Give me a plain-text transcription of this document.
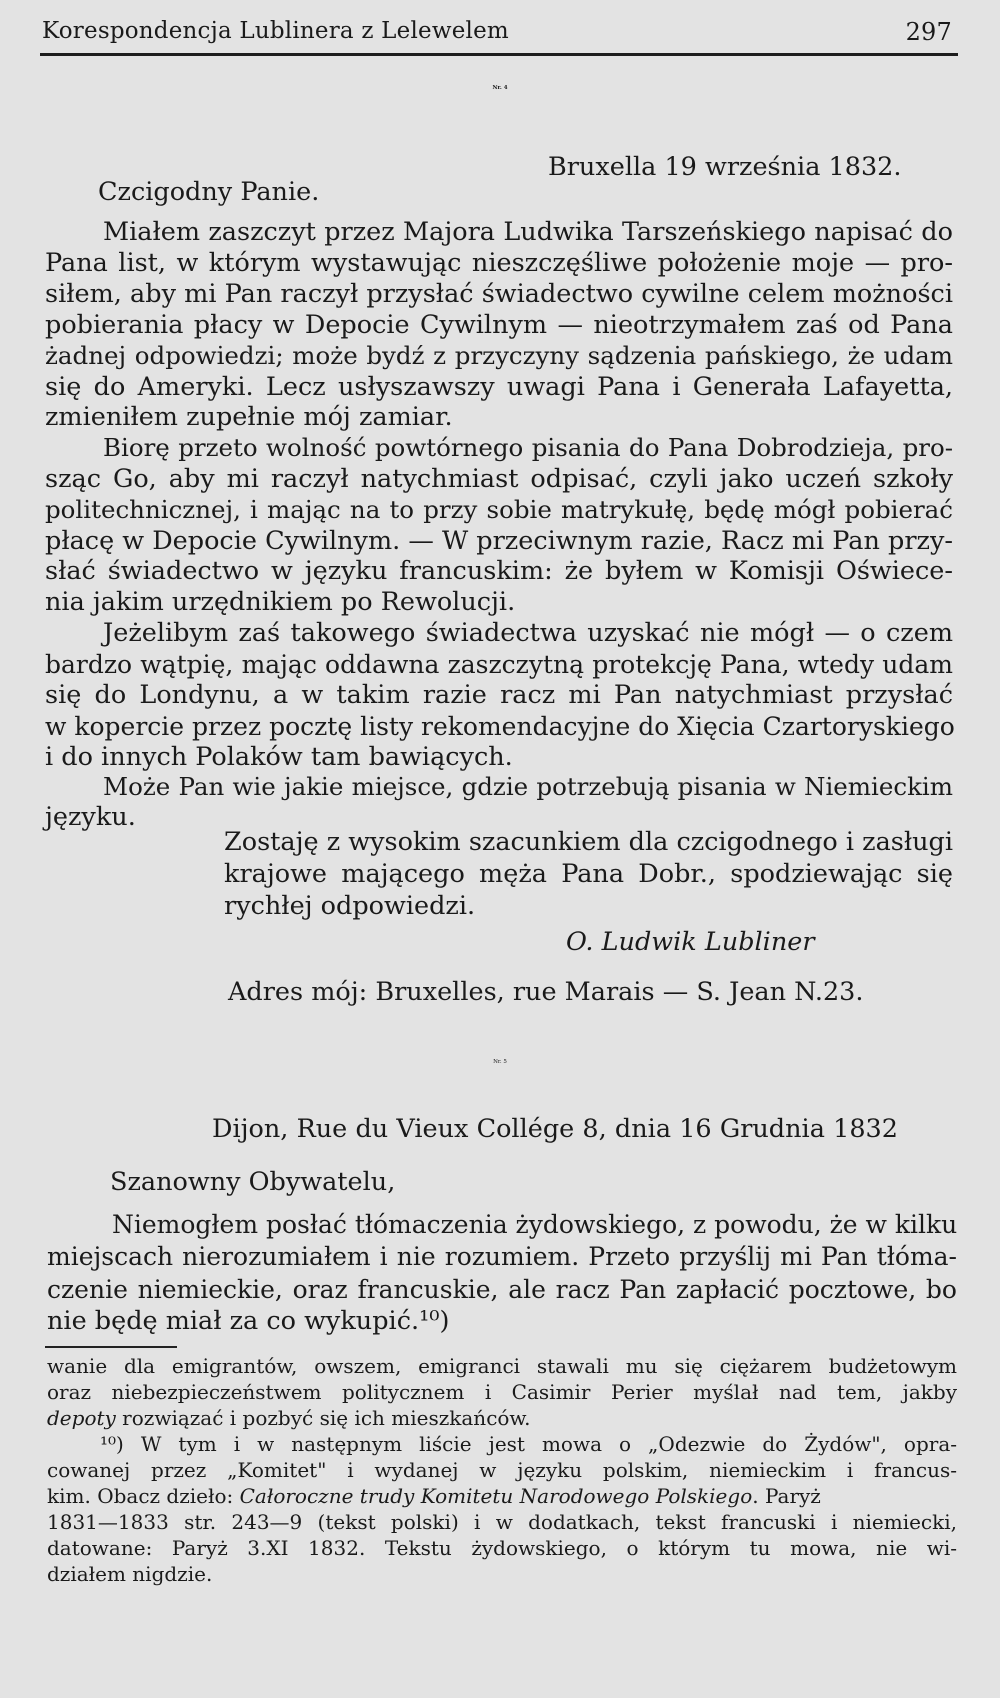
Korespondencja Lublinera z Lelewelem	297
Nr. 4
Bruxella 19 września 1832.
Czcigodny Panie.
Miałem zaszczyt przez Majora Ludwika Tarszeńskiego napisać do
Pana list, w którym wystawując nieszczęśliwe położenie moje — pro-
siłem, aby mi Pan raczył przysłać świadectwo cywilne celem możności
pobierania płacy w Depocie Cywilnym — nieotrzymałem zaś od Pana
żadnej odpowiedzi; może bydź z przyczyny sądzenia pańskiego, że udam
się do Ameryki. Lecz usłyszawszy uwagi Pana i Generała Lafayetta,
zmieniłem zupełnie mój zamiar.
Biorę przeto wolność powtórnego pisania do Pana Dobrodzieja, pro-
sząc Go, aby mi raczył natychmiast odpisać, czyli jako uczeń szkoły
politechnicznej, i mając na to przy sobie matrykułę, będę mógł pobierać
płacę w Depocie Cywilnym. — W przeciwnym razie, Racz mi Pan przy-
słać świadectwo w języku francuskim: że byłem w Komisji Oświece-
nia jakim urzędnikiem po Rewolucji.
Jeżelibym zaś takowego świadectwa uzyskać nie mógł — o czem
bardzo wątpię, mając oddawna zaszczytną protekcję Pana, wtedy udam
się do Londynu, a w takim razie racz mi Pan natychmiast przysłać
w kopercie przez pocztę listy rekomendacyjne do Xięcia Czartoryskiego
i do innych Polaków tam bawiących.
Może Pan wie jakie miejsce, gdzie potrzebują pisania w Niemieckim
języku.
Zostaję z wysokim szacunkiem dla czcigodnego i zasługi
krajowe mającego męża Pana Dobr., spodziewając się
rychłej odpowiedzi.
O. Ludwik Lubliner
Adres mój: Bruxelles, rue Marais — S. Jean N.23.
Nr. 5
Dijon, Rue du Vieux Collége 8, dnia 16 Grudnia 1832
Szanowny Obywatelu,
Niemogłem posłać tłómaczenia żydowskiego, z powodu, że w kilku
miejscach nierozumiałem i nie rozumiem. Przeto przyślij mi Pan tłóma-
czenie niemieckie, oraz francuskie, ale racz Pan zapłacić pocztowe, bo
nie będę miał za co wykupić.¹⁰)
wanie dla emigrantów, owszem, emigranci stawali mu się ciężarem budżetowym
oraz niebezpieczeństwem politycznem i Casimir Perier myślał nad tem, jakby
depoty rozwiązać i pozbyć się ich mieszkańców.
¹⁰) W tym i w następnym liście jest mowa o „Odezwie do Żydów", opra-
cowanej przez „Komitet" i wydanej w języku polskim, niemieckim i francus-
kim. Obacz dzieło: Całoroczne trudy Komitetu Narodowego Polskiego. Paryż
1831—1833 str. 243—9 (tekst polski) i w dodatkach, tekst francuski i niemiecki,
datowane: Paryż 3.XI 1832. Tekstu żydowskiego, o którym tu mowa, nie wi-
działem nigdzie.
